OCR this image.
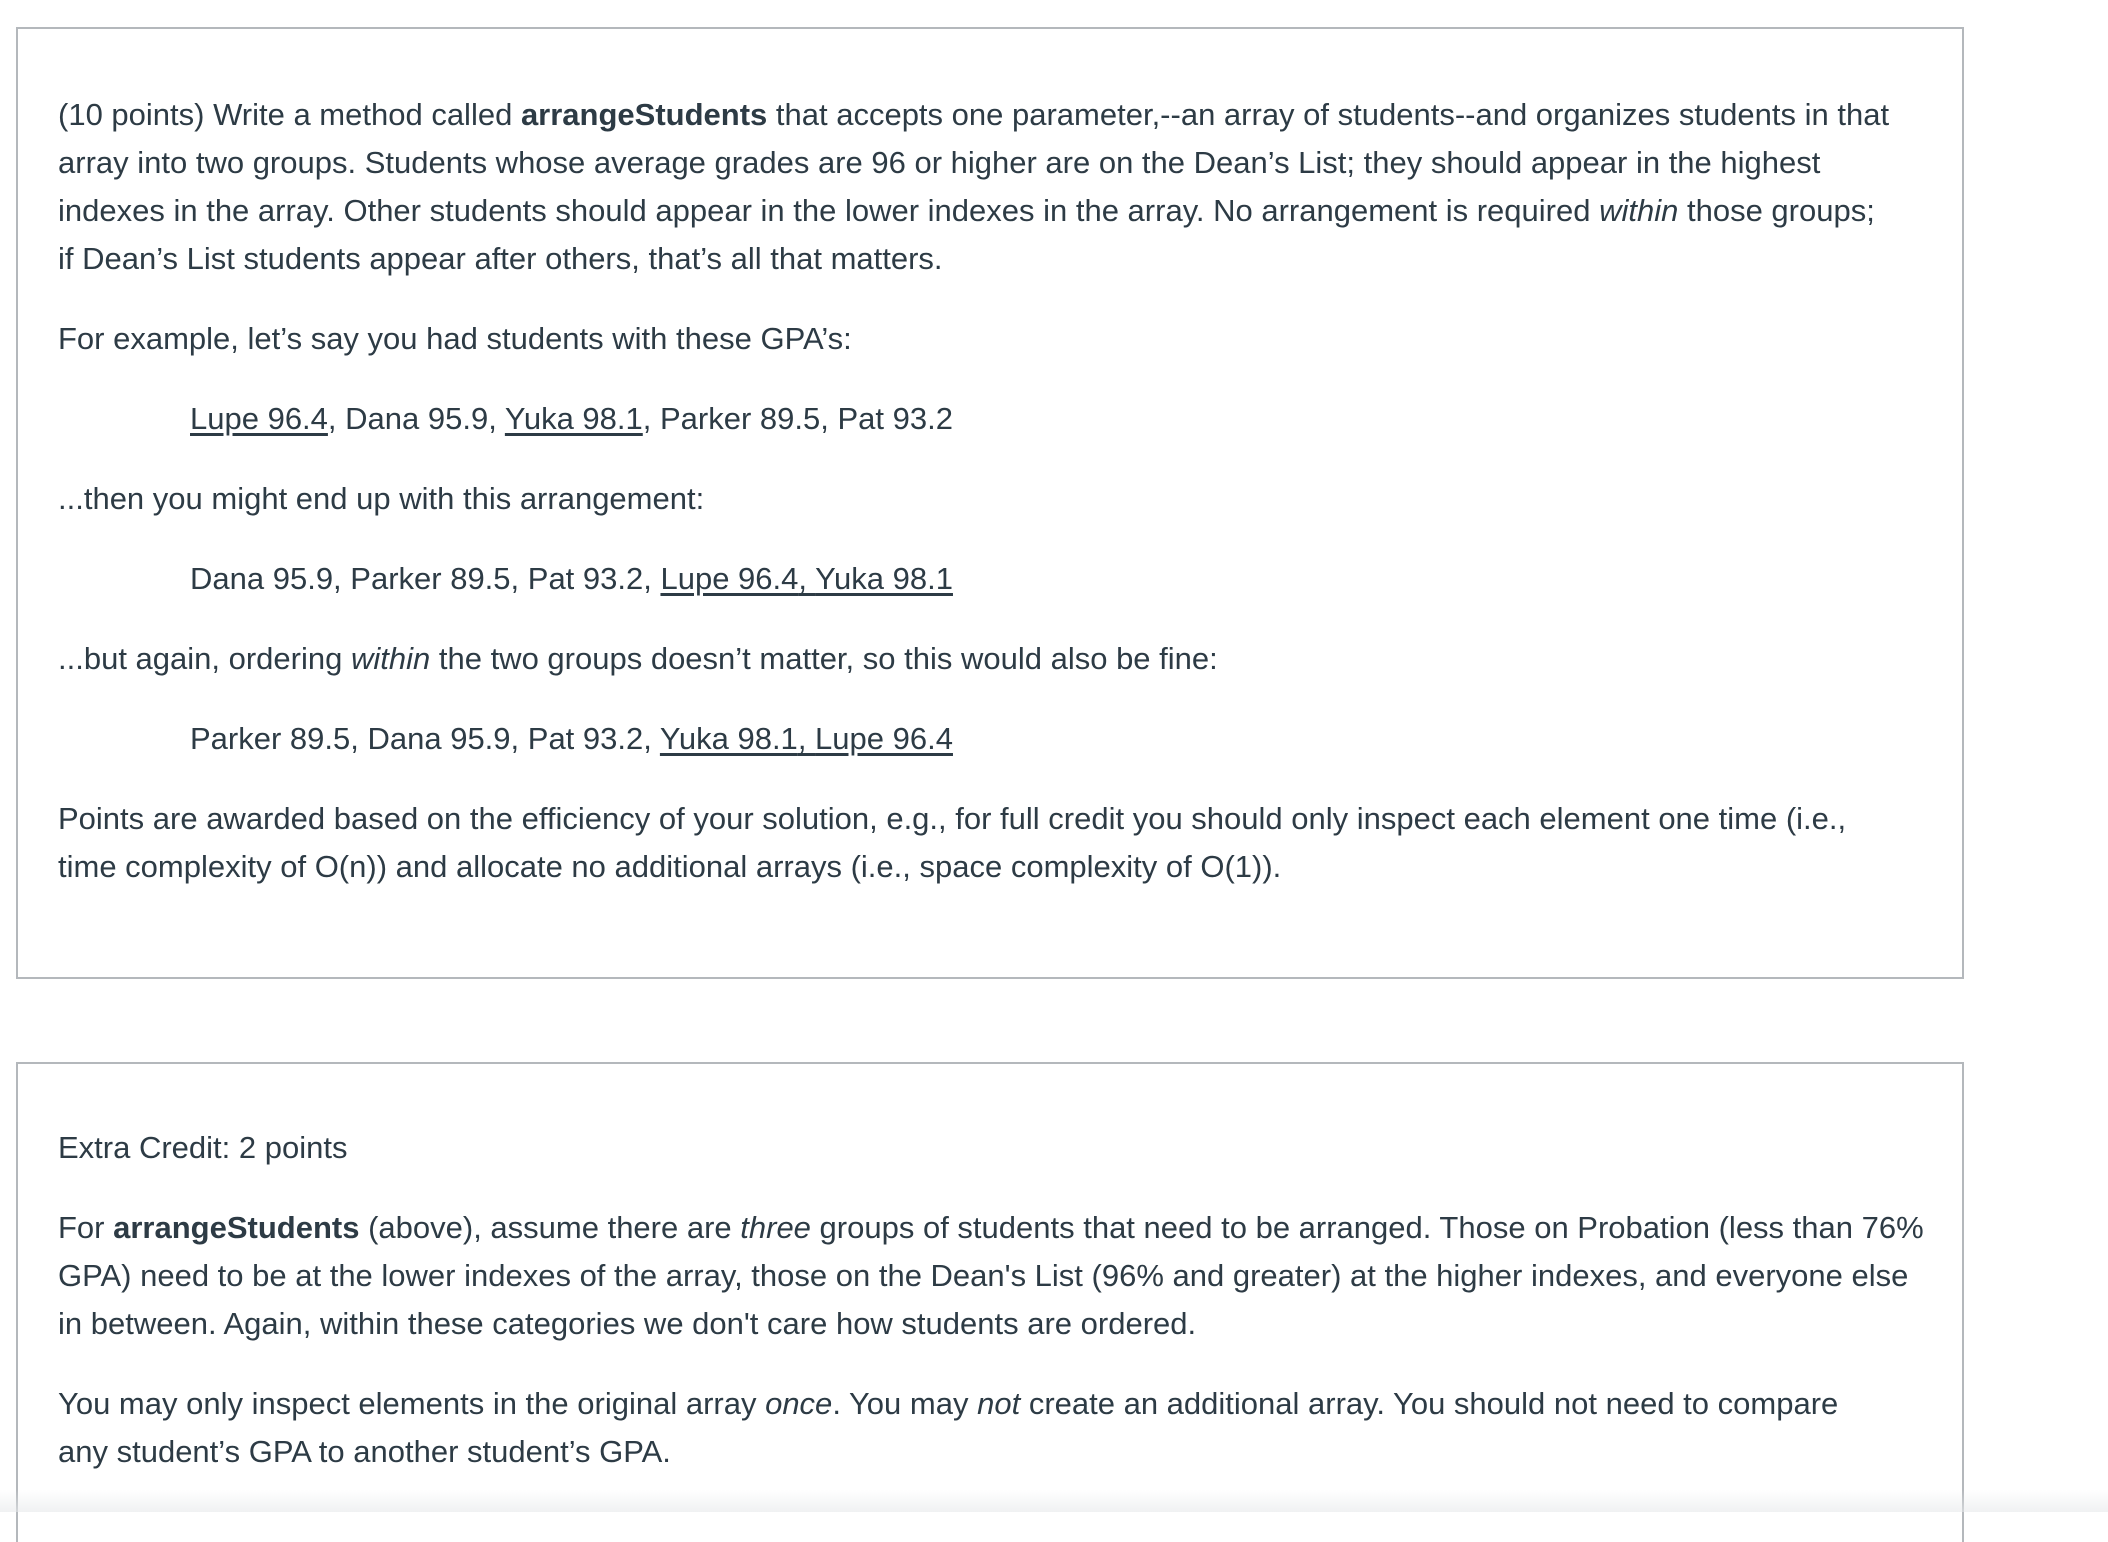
(10 points) Write a method called arrangeStudents that accepts one parameter,--an array of students--and organizes students in that
array into two groups. Students whose average grades are 96 or higher are on the Dean’s List; they should appear in the highest
indexes in the array. Other students should appear in the lower indexes in the array. No arrangement is required within those groups;
if Dean’s List students appear after others, that’s all that matters.

For example, let’s say you had students with these GPA’s:

Lupe 96.4, Dana 95.9, Yuka 98.1, Parker 89.5, Pat 93.2

...then you might end up with this arrangement:

Dana 95.9, Parker 89.5, Pat 93.2, Lupe 96.4, Yuka 98.1

...but again, ordering within the two groups doesn’t matter, so this would also be fine:

Parker 89.5, Dana 95.9, Pat 93.2, Yuka 98.1, Lupe 96.4

Points are awarded based on the efficiency of your solution, e.g., for full credit you should only inspect each element one time (i.e.,
time complexity of O(n)) and allocate no additional arrays (i.e., space complexity of O(1)).

Extra Credit: 2 points

For arrangeStudents (above), assume there are three groups of students that need to be arranged. Those on Probation (less than 76%
GPA) need to be at the lower indexes of the array, those on the Dean's List (96% and greater) at the higher indexes, and everyone else
in between. Again, within these categories we don't care how students are ordered.

You may only inspect elements in the original array once. You may not create an additional array. You should not need to compare
any student’s GPA to another student’s GPA.
